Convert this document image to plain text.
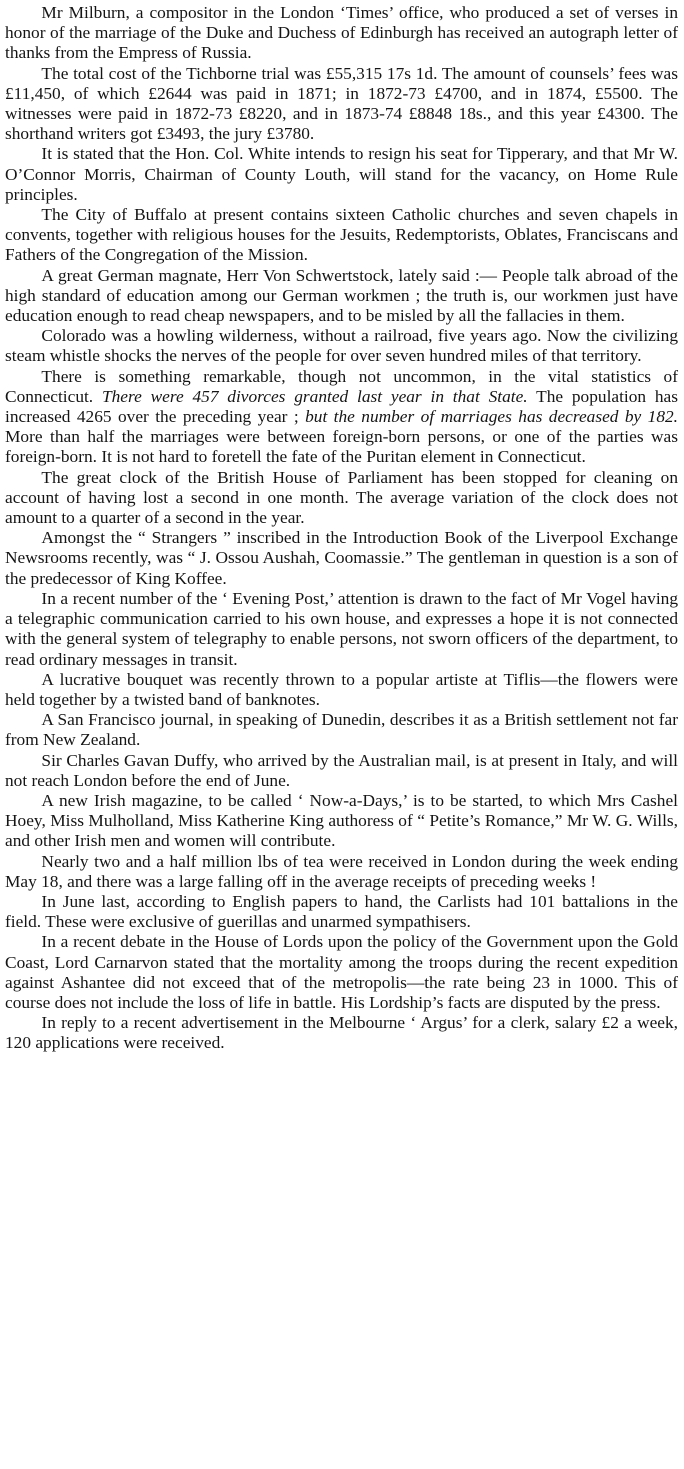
Mr Milburn, a compositor in the London ‘Times’ office, who produced a set of verses in honor of the marriage of the Duke and Duchess of Edinburgh has received an autograph letter of thanks from the Empress of Russia.

The total cost of the Tichborne trial was £55,315 17s 1d. The amount of counsels’ fees was £11,450, of which £2644 was paid in 1871; in 1872-73 £4700, and in 1874, £5500. The witnesses were paid in 1872-73 £8220, and in 1873-74 £8848 18s., and this year £4300. The shorthand writers got £3493, the jury £3780.

It is stated that the Hon. Col. White intends to resign his seat for Tipperary, and that Mr W. O’Connor Morris, Chairman of County Louth, will stand for the vacancy, on Home Rule principles.

The City of Buffalo at present contains sixteen Catholic churches and seven chapels in convents, together with religious houses for the Jesuits, Redemptorists, Oblates, Franciscans and Fathers of the Congregation of the Mission.

A great German magnate, Herr Von Schwertstock, lately said :— People talk abroad of the high standard of education among our German workmen ; the truth is, our workmen just have education enough to read cheap newspapers, and to be misled by all the fallacies in them.

Colorado was a howling wilderness, without a railroad, five years ago. Now the civilizing steam whistle shocks the nerves of the people for over seven hundred miles of that territory.

There is something remarkable, though not uncommon, in the vital statistics of Connecticut. There were 457 divorces granted last year in that State. The population has increased 4265 over the preceding year ; but the number of marriages has decreased by 182. More than half the marriages were between foreign-born persons, or one of the parties was foreign-born. It is not hard to foretell the fate of the Puritan element in Connecticut.

The great clock of the British House of Parliament has been stopped for cleaning on account of having lost a second in one month. The average variation of the clock does not amount to a quarter of a second in the year.

Amongst the “ Strangers ” inscribed in the Introduction Book of the Liverpool Exchange Newsrooms recently, was “ J. Ossou Aushah, Coomassie.” The gentleman in question is a son of the predecessor of King Koffee.

In a recent number of the ‘ Evening Post,’ attention is drawn to the fact of Mr Vogel having a telegraphic communication carried to his own house, and expresses a hope it is not connected with the general system of telegraphy to enable persons, not sworn officers of the department, to read ordinary messages in transit.

A lucrative bouquet was recently thrown to a popular artiste at Tiflis—the flowers were held together by a twisted band of banknotes.

A San Francisco journal, in speaking of Dunedin, describes it as a British settlement not far from New Zealand.

Sir Charles Gavan Duffy, who arrived by the Australian mail, is at present in Italy, and will not reach London before the end of June.

A new Irish magazine, to be called ‘ Now-a-Days,’ is to be started, to which Mrs Cashel Hoey, Miss Mulholland, Miss Katherine King authoress of “ Petite’s Romance,” Mr W. G. Wills, and other Irish men and women will contribute.

Nearly two and a half million lbs of tea were received in London during the week ending May 18, and there was a large falling off in the average receipts of preceding weeks !

In June last, according to English papers to hand, the Carlists had 101 battalions in the field. These were exclusive of guerillas and unarmed sympathisers.

In a recent debate in the House of Lords upon the policy of the Government upon the Gold Coast, Lord Carnarvon stated that the mortality among the troops during the recent expedition against Ashantee did not exceed that of the metropolis—the rate being 23 in 1000. This of course does not include the loss of life in battle. His Lordship’s facts are disputed by the press.

In reply to a recent advertisement in the Melbourne ‘ Argus’ for a clerk, salary £2 a week, 120 applications were received.
